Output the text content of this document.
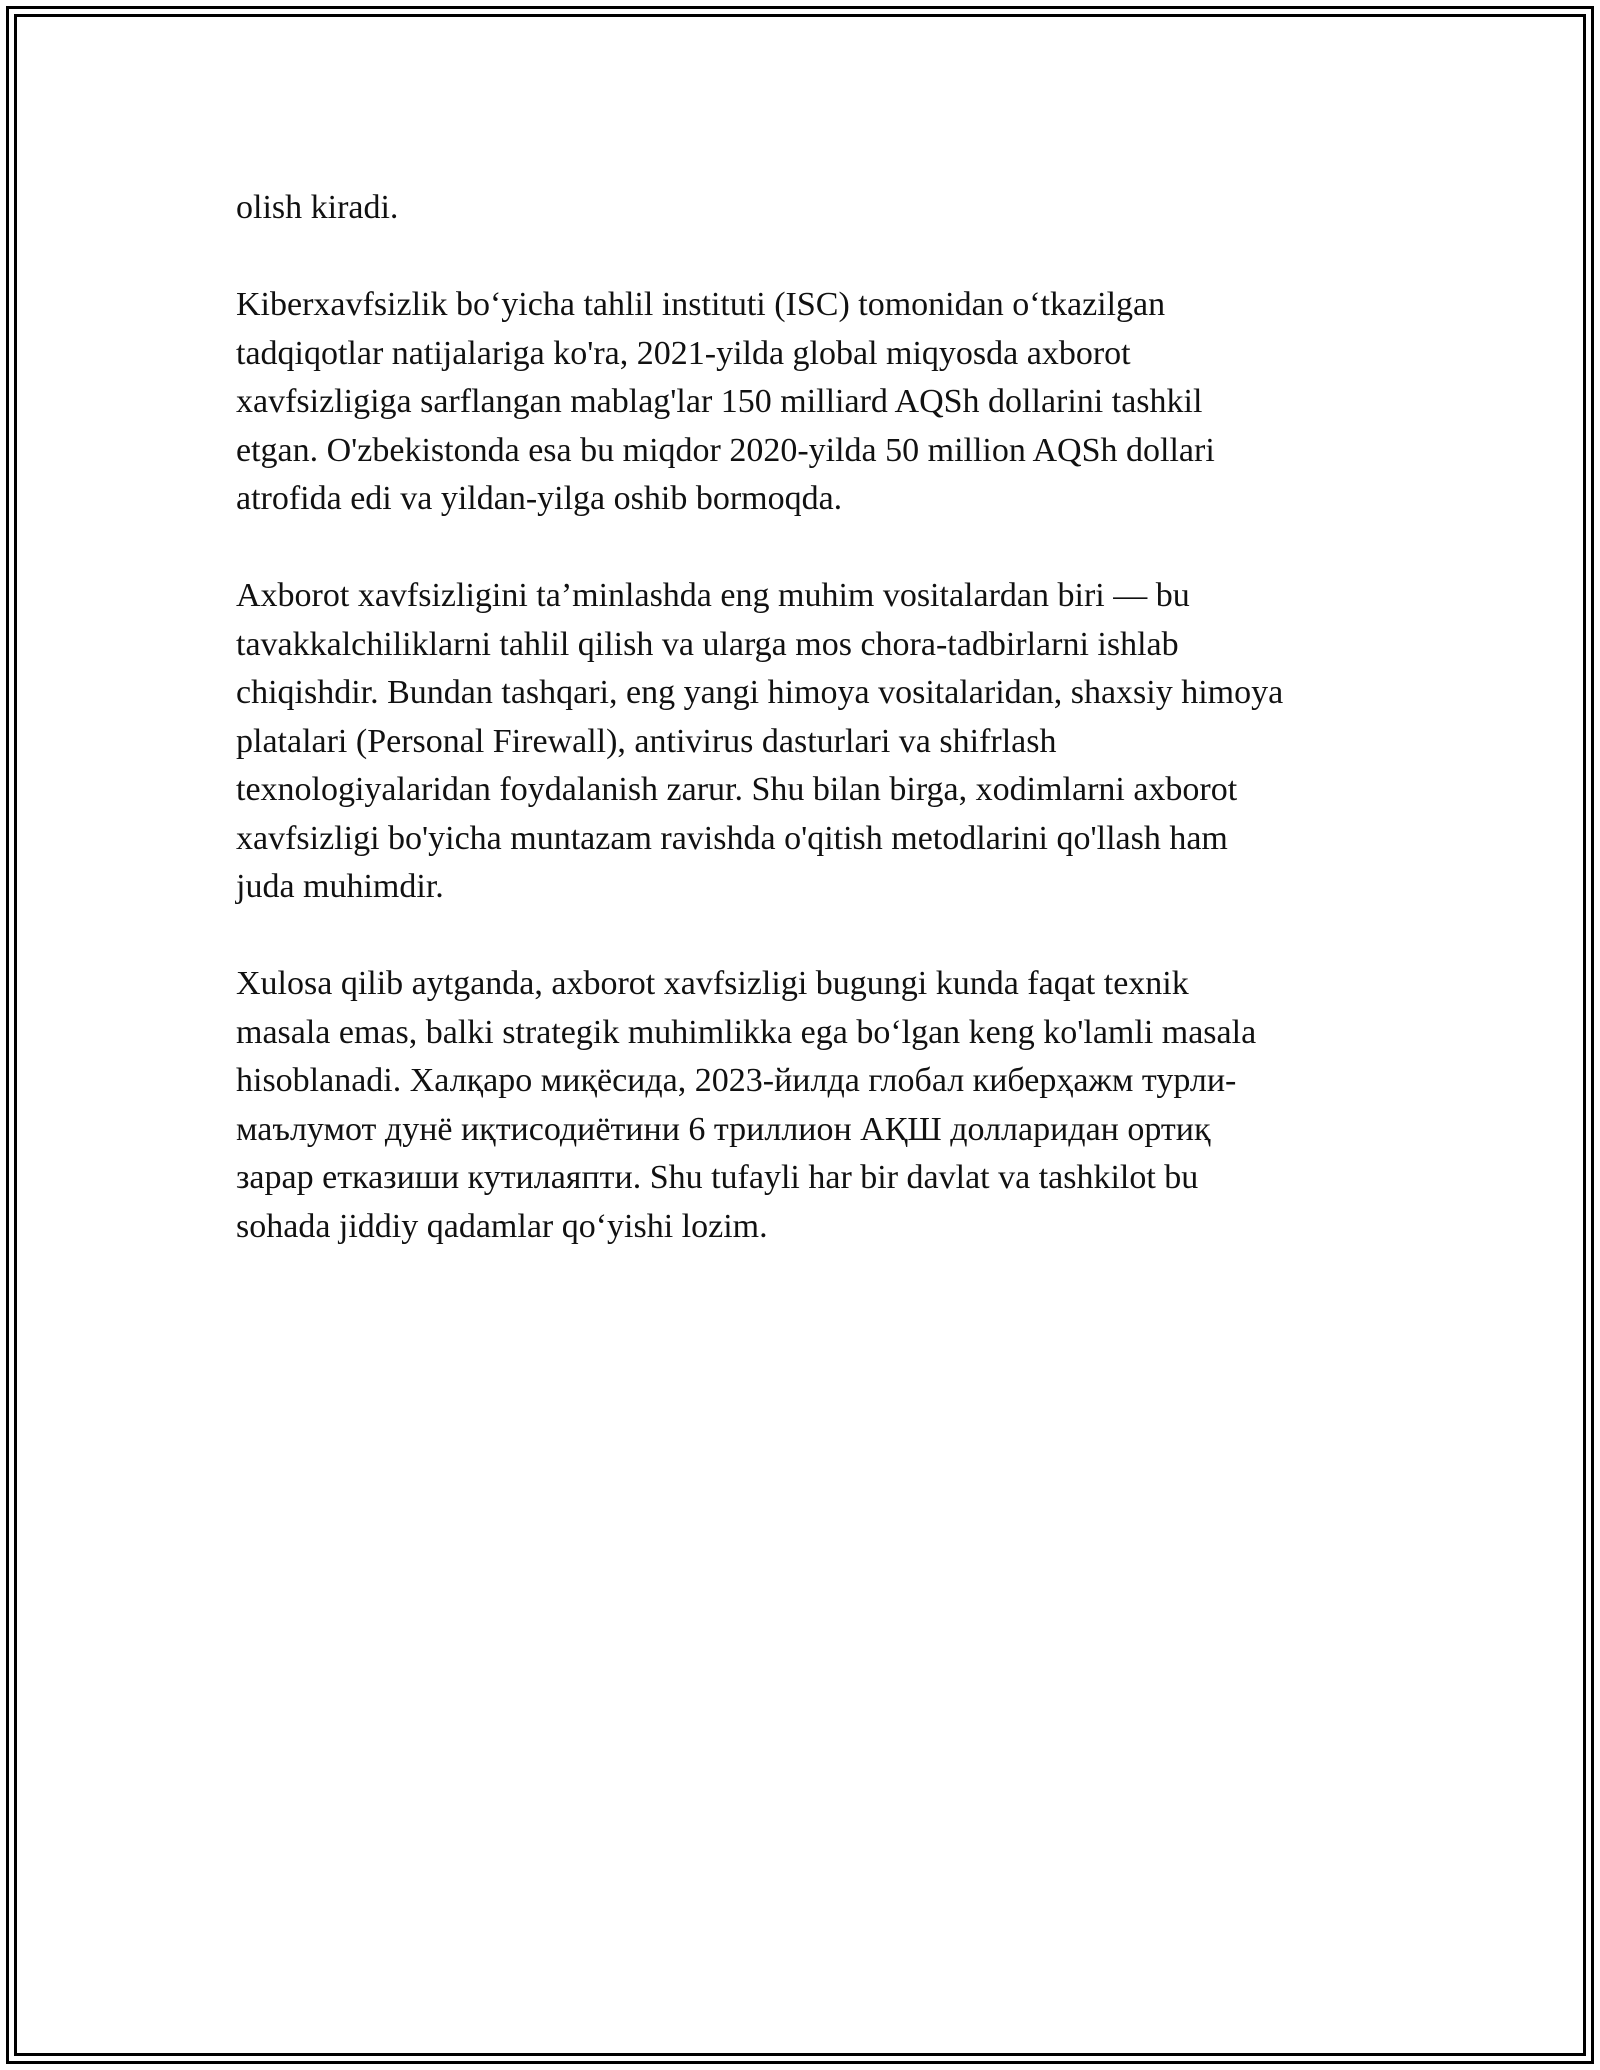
olish kiradi.

Kiberxavfsizlik bo‘yicha tahlil instituti (ISC) tomonidan o‘tkazilgan
tadqiqotlar natijalariga ko'ra, 2021-yilda global miqyosda axborot
xavfsizligiga sarflangan mablag'lar 150 milliard AQSh dollarini tashkil
etgan. O'zbekistonda esa bu miqdor 2020-yilda 50 million AQSh dollari
atrofida edi va yildan-yilga oshib bormoqda.

Axborot xavfsizligini ta’minlashda eng muhim vositalardan biri — bu
tavakkalchiliklarni tahlil qilish va ularga mos chora-tadbirlarni ishlab
chiqishdir. Bundan tashqari, eng yangi himoya vositalaridan, shaxsiy himoya
platalari (Personal Firewall), antivirus dasturlari va shifrlash
texnologiyalaridan foydalanish zarur. Shu bilan birga, xodimlarni axborot
xavfsizligi bo'yicha muntazam ravishda o'qitish metodlarini qo'llash ham
juda muhimdir.

Xulosa qilib aytganda, axborot xavfsizligi bugungi kunda faqat texnik
masala emas, balki strategik muhimlikka ega bo‘lgan keng ko'lamli masala
hisoblanadi. Халқаро миқёсида, 2023-йилда глобал киберҳажм турли-
маълумот дунё иқтисодиётини 6 триллион АҚШ долларидан ортиқ
зарар етказиши кутилаяпти. Shu tufayli har bir davlat va tashkilot bu
sohada jiddiy qadamlar qo‘yishi lozim.
